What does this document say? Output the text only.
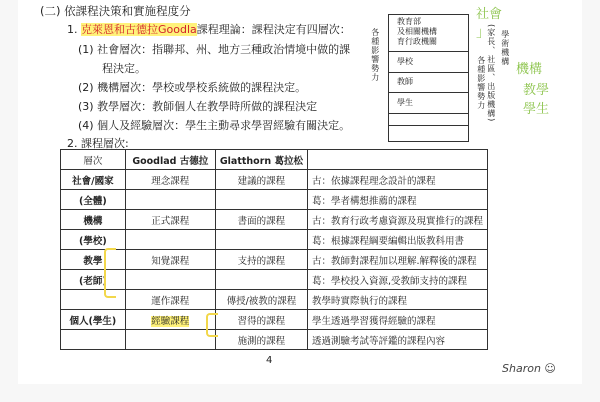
(二) 依課程決策和實施程度分
1. 克萊恩和古德拉Goodla課程理論：課程決定有四層次：
(1) 社會層次：指聯邦、州、地方三種政治情境中做的課
程決定。
(2) 機構層次：學校或學校系統做的課程決定。
(3) 教學層次：教師個人在教學時所做的課程決定
(4) 個人及經驗層次：學生主動尋求學習經驗有關決定。
2. 課程層次:
各種影響勢力
教育部
及相關機構
育行政機關
學校
教師
學生	(家長、社區、出版機構) 學術機構
各種影響勢力
社會
」
機構
教學
學生
層次	Goodlad 古德拉	Glatthorn 葛拉松	
社會/國家	理念課程	建議的課程	古：依據課程理念設計的課程
(全體)			葛：學者構想推薦的課程
機構	正式課程	書面的課程	古：教育行政考慮資源及現實推行的課程
(學校)			葛：根據課程綱要編輯出版教科用書
教學	知覺課程	支持的課程	古：教師對課程加以理解.解釋後的課程
(老師)			葛：學校投入資源,受教師支持的課程
	運作課程	傳授/被教的課程	教學時實際執行的課程
個人(學生)	經驗課程	習得的課程	學生透過學習獲得經驗的課程
		施測的課程	透過測驗考試等評鑑的課程內容
4
Sharon ☺
